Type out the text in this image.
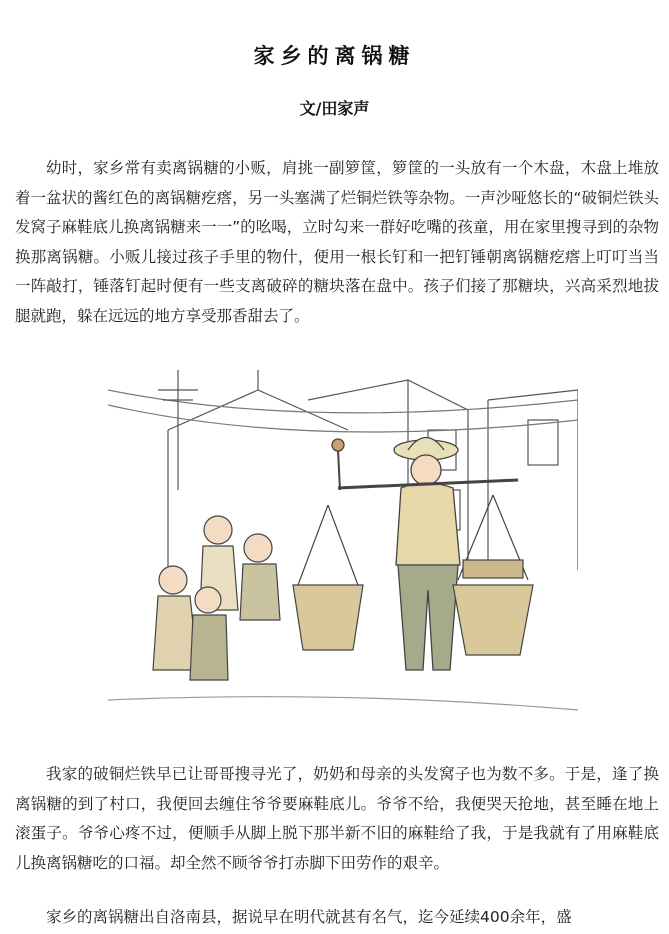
家乡的离锅糖
文/田家声

幼时，家乡常有卖离锅糖的小贩，肩挑一副箩筐，箩筐的一头放有一个木盘，木盘上堆放着一盆状的酱红色的离锅糖疙瘩，另一头塞满了烂铜烂铁等杂物。一声沙哑悠长的“破铜烂铁头发窝子麻鞋底儿换离锅糖来一一”的吆喝，立时勾来一群好吃嘴的孩童，用在家里搜寻到的杂物换那离锅糖。小贩儿接过孩子手里的物什，便用一根长钉和一把钉锤朝离锅糖疙瘩上叮叮当当一阵敲打，锤落钉起时便有一些支离破碎的糖块落在盘中。孩子们接了那糖块，兴高采烈地拔腿就跑，躲在远远的地方享受那香甜去了。

我家的破铜烂铁早已让哥哥搜寻光了，奶奶和母亲的头发窝子也为数不多。于是，逢了换离锅糖的到了村口，我便回去缠住爷爷要麻鞋底儿。爷爷不给，我便哭天抢地，甚至睡在地上滚蛋子。爷爷心疼不过，便顺手从脚上脱下那半新不旧的麻鞋给了我，于是我就有了用麻鞋底儿换离锅糖吃的口福。却全然不顾爷爷打赤脚下田劳作的艰辛。

家乡的离锅糖出自洛南县，据说早在明代就甚有名气，迄今延续400余年，盛
